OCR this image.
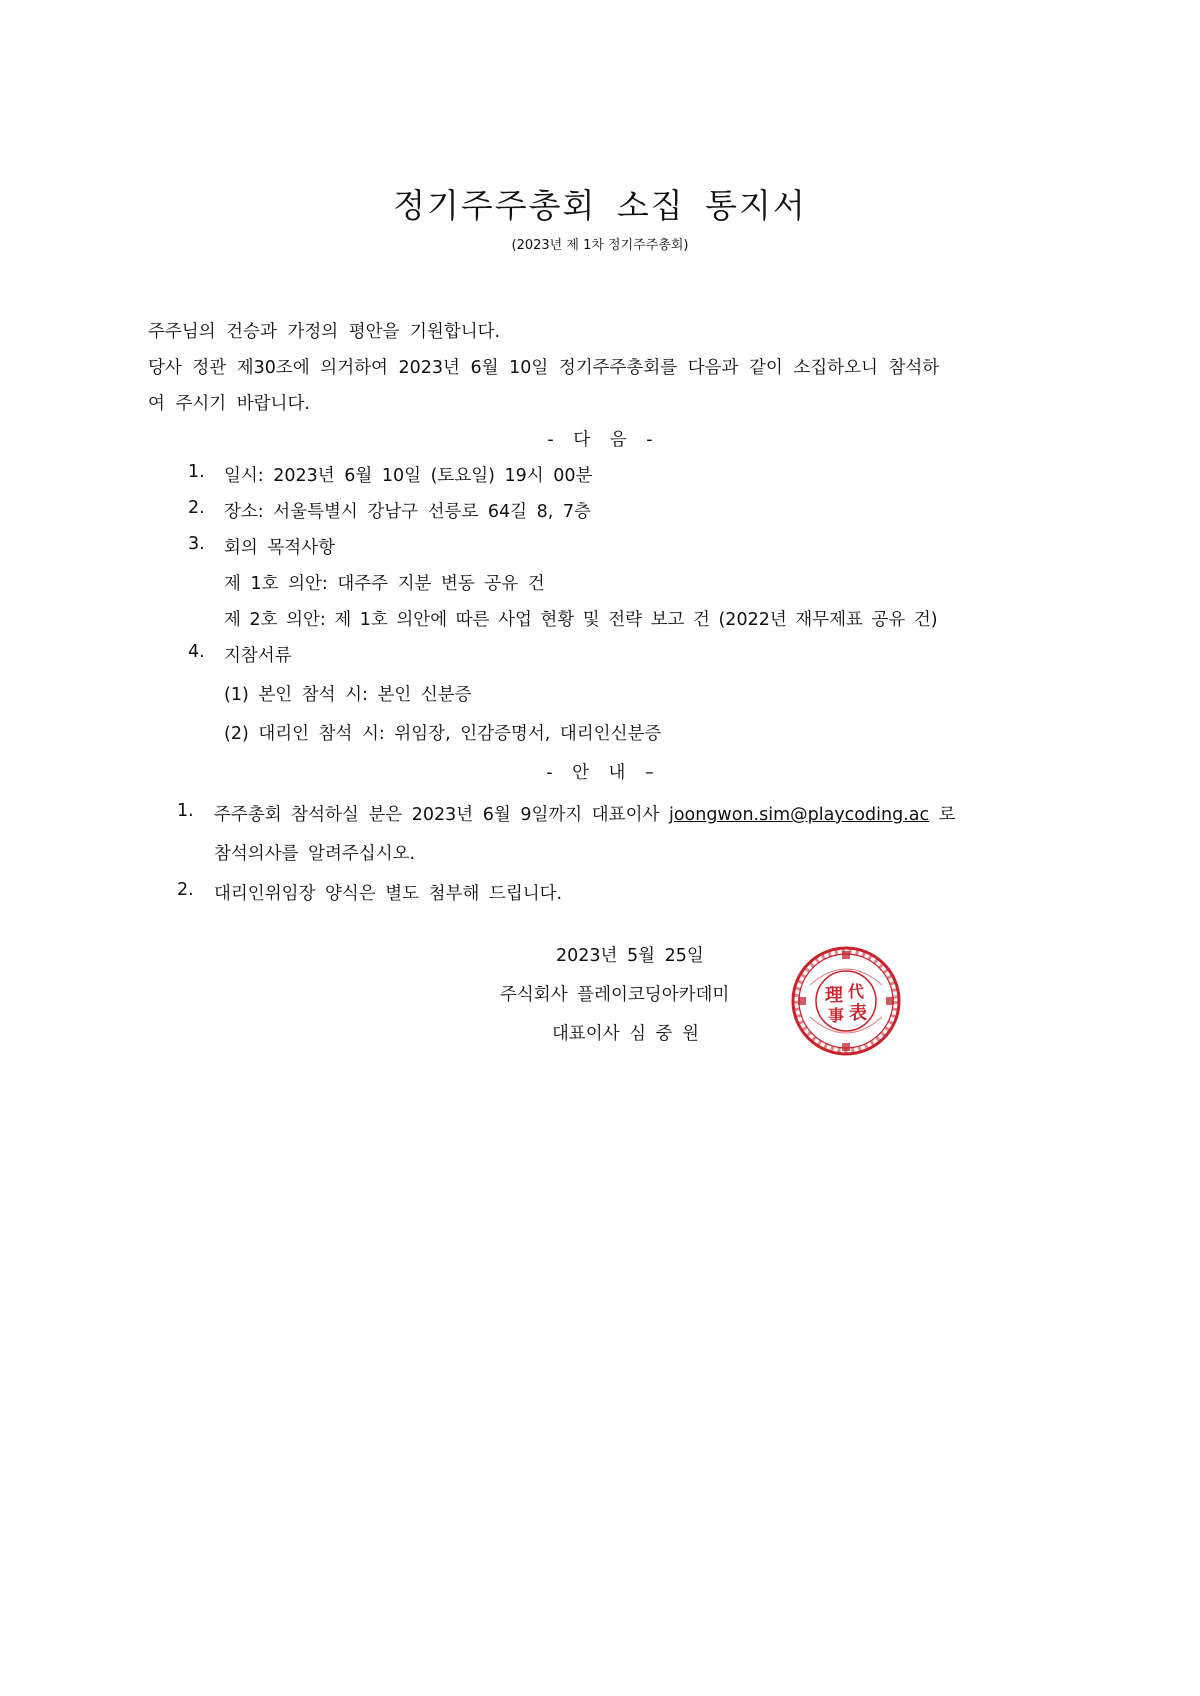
정기주주총회 소집 통지서
(2023년 제 1차 정기주주총회)
주주님의 건승과 가정의 평안을 기원합니다.
당사 정관 제30조에 의거하여 2023년 6월 10일 정기주주총회를 다음과 같이 소집하오니 참석하
여 주시기 바랍니다.
- 다 음 -
1. 일시: 2023년 6월 10일 (토요일) 19시 00분
2. 장소: 서울특별시 강남구 선릉로 64길 8, 7층
3. 회의 목적사항
제 1호 의안: 대주주 지분 변동 공유 건
제 2호 의안: 제 1호 의안에 따른 사업 현황 및 전략 보고 건 (2022년 재무제표 공유 건)
4. 지참서류
(1) 본인 참석 시: 본인 신분증
(2) 대리인 참석 시: 위임장, 인감증명서, 대리인신분증
- 안 내 –
1. 주주총회 참석하실 분은 2023년 6월 9일까지 대표이사 joongwon.sim@playcoding.ac 로
참석의사를 알려주십시오.
2. 대리인위임장 양식은 별도 첨부해 드립니다.
2023년 5월 25일
주식회사 플레이코딩아카데미
대표이사 심 중 원
理 代
事 表
